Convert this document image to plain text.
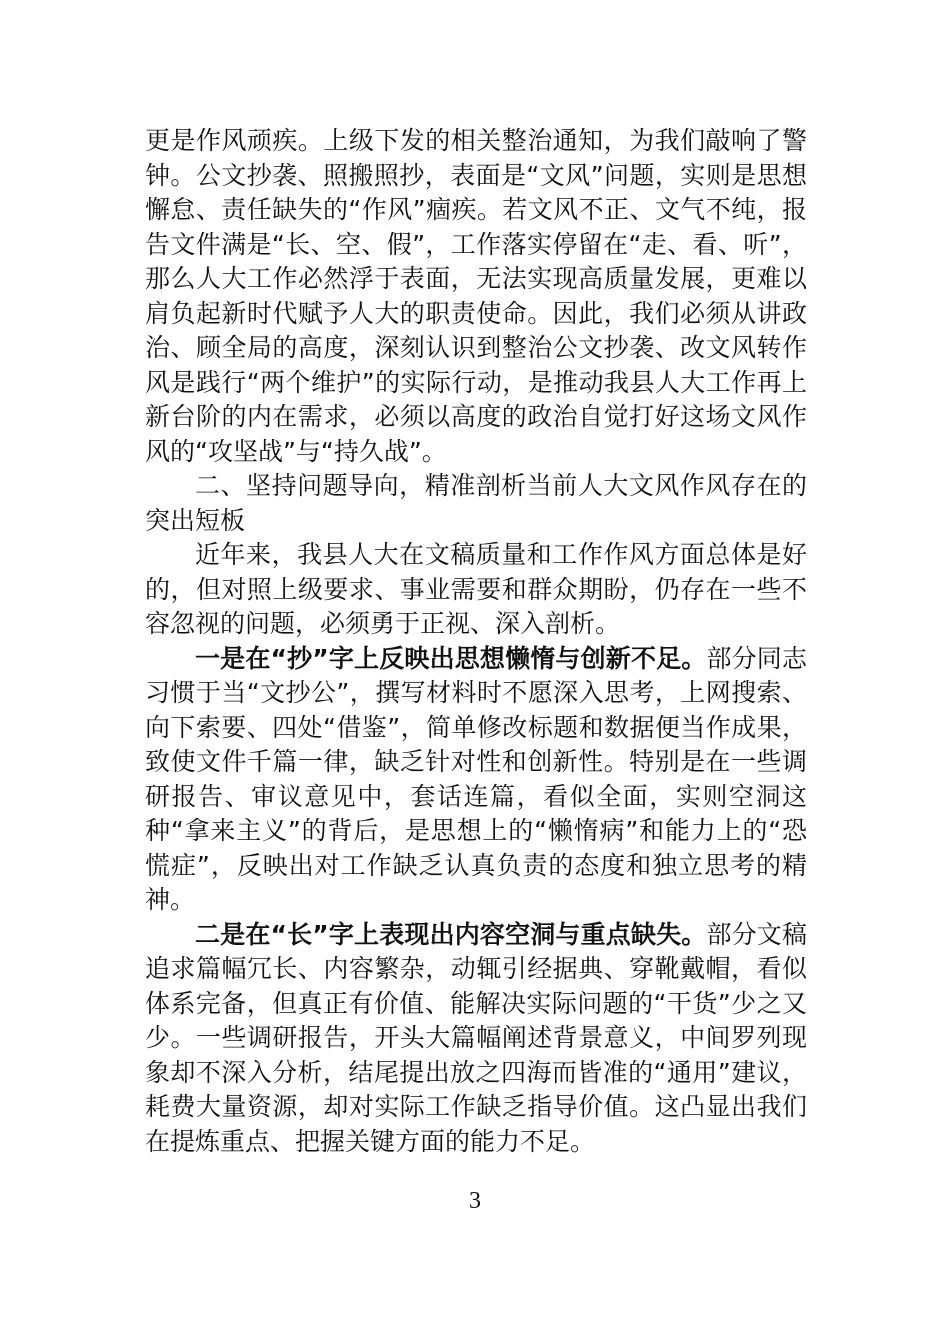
更是作风顽疾。上级下发的相关整治通知，为我们敲响了警钟。公文抄袭、照搬照抄，表面是“文风”问题，实则是思想懈怠、责任缺失的“作风”痼疾。若文风不正、文气不纯，报告文件满是“长、空、假”，工作落实停留在“走、看、听”，那么人大工作必然浮于表面，无法实现高质量发展，更难以肩负起新时代赋予人大的职责使命。因此，我们必须从讲政治、顾全局的高度，深刻认识到整治公文抄袭、改文风转作风是践行“两个维护”的实际行动，是推动我县人大工作再上新台阶的内在需求，必须以高度的政治自觉打好这场文风作风的“攻坚战”与“持久战”。

二、坚持问题导向，精准剖析当前人大文风作风存在的突出短板

近年来，我县人大在文稿质量和工作作风方面总体是好的，但对照上级要求、事业需要和群众期盼，仍存在一些不容忽视的问题，必须勇于正视、深入剖析。

一是在“抄”字上反映出思想懒惰与创新不足。部分同志习惯于当“文抄公”，撰写材料时不愿深入思考，上网搜索、向下索要、四处“借鉴”，简单修改标题和数据便当作成果，致使文件千篇一律，缺乏针对性和创新性。特别是在一些调研报告、审议意见中，套话连篇，看似全面，实则空洞这种“拿来主义”的背后，是思想上的“懒惰病”和能力上的“恐慌症”，反映出对工作缺乏认真负责的态度和独立思考的精神。

二是在“长”字上表现出内容空洞与重点缺失。部分文稿追求篇幅冗长、内容繁杂，动辄引经据典、穿靴戴帽，看似体系完备，但真正有价值、能解决实际问题的“干货”少之又少。一些调研报告，开头大篇幅阐述背景意义，中间罗列现象却不深入分析，结尾提出放之四海而皆准的“通用”建议，耗费大量资源，却对实际工作缺乏指导价值。这凸显出我们在提炼重点、把握关键方面的能力不足。

3
